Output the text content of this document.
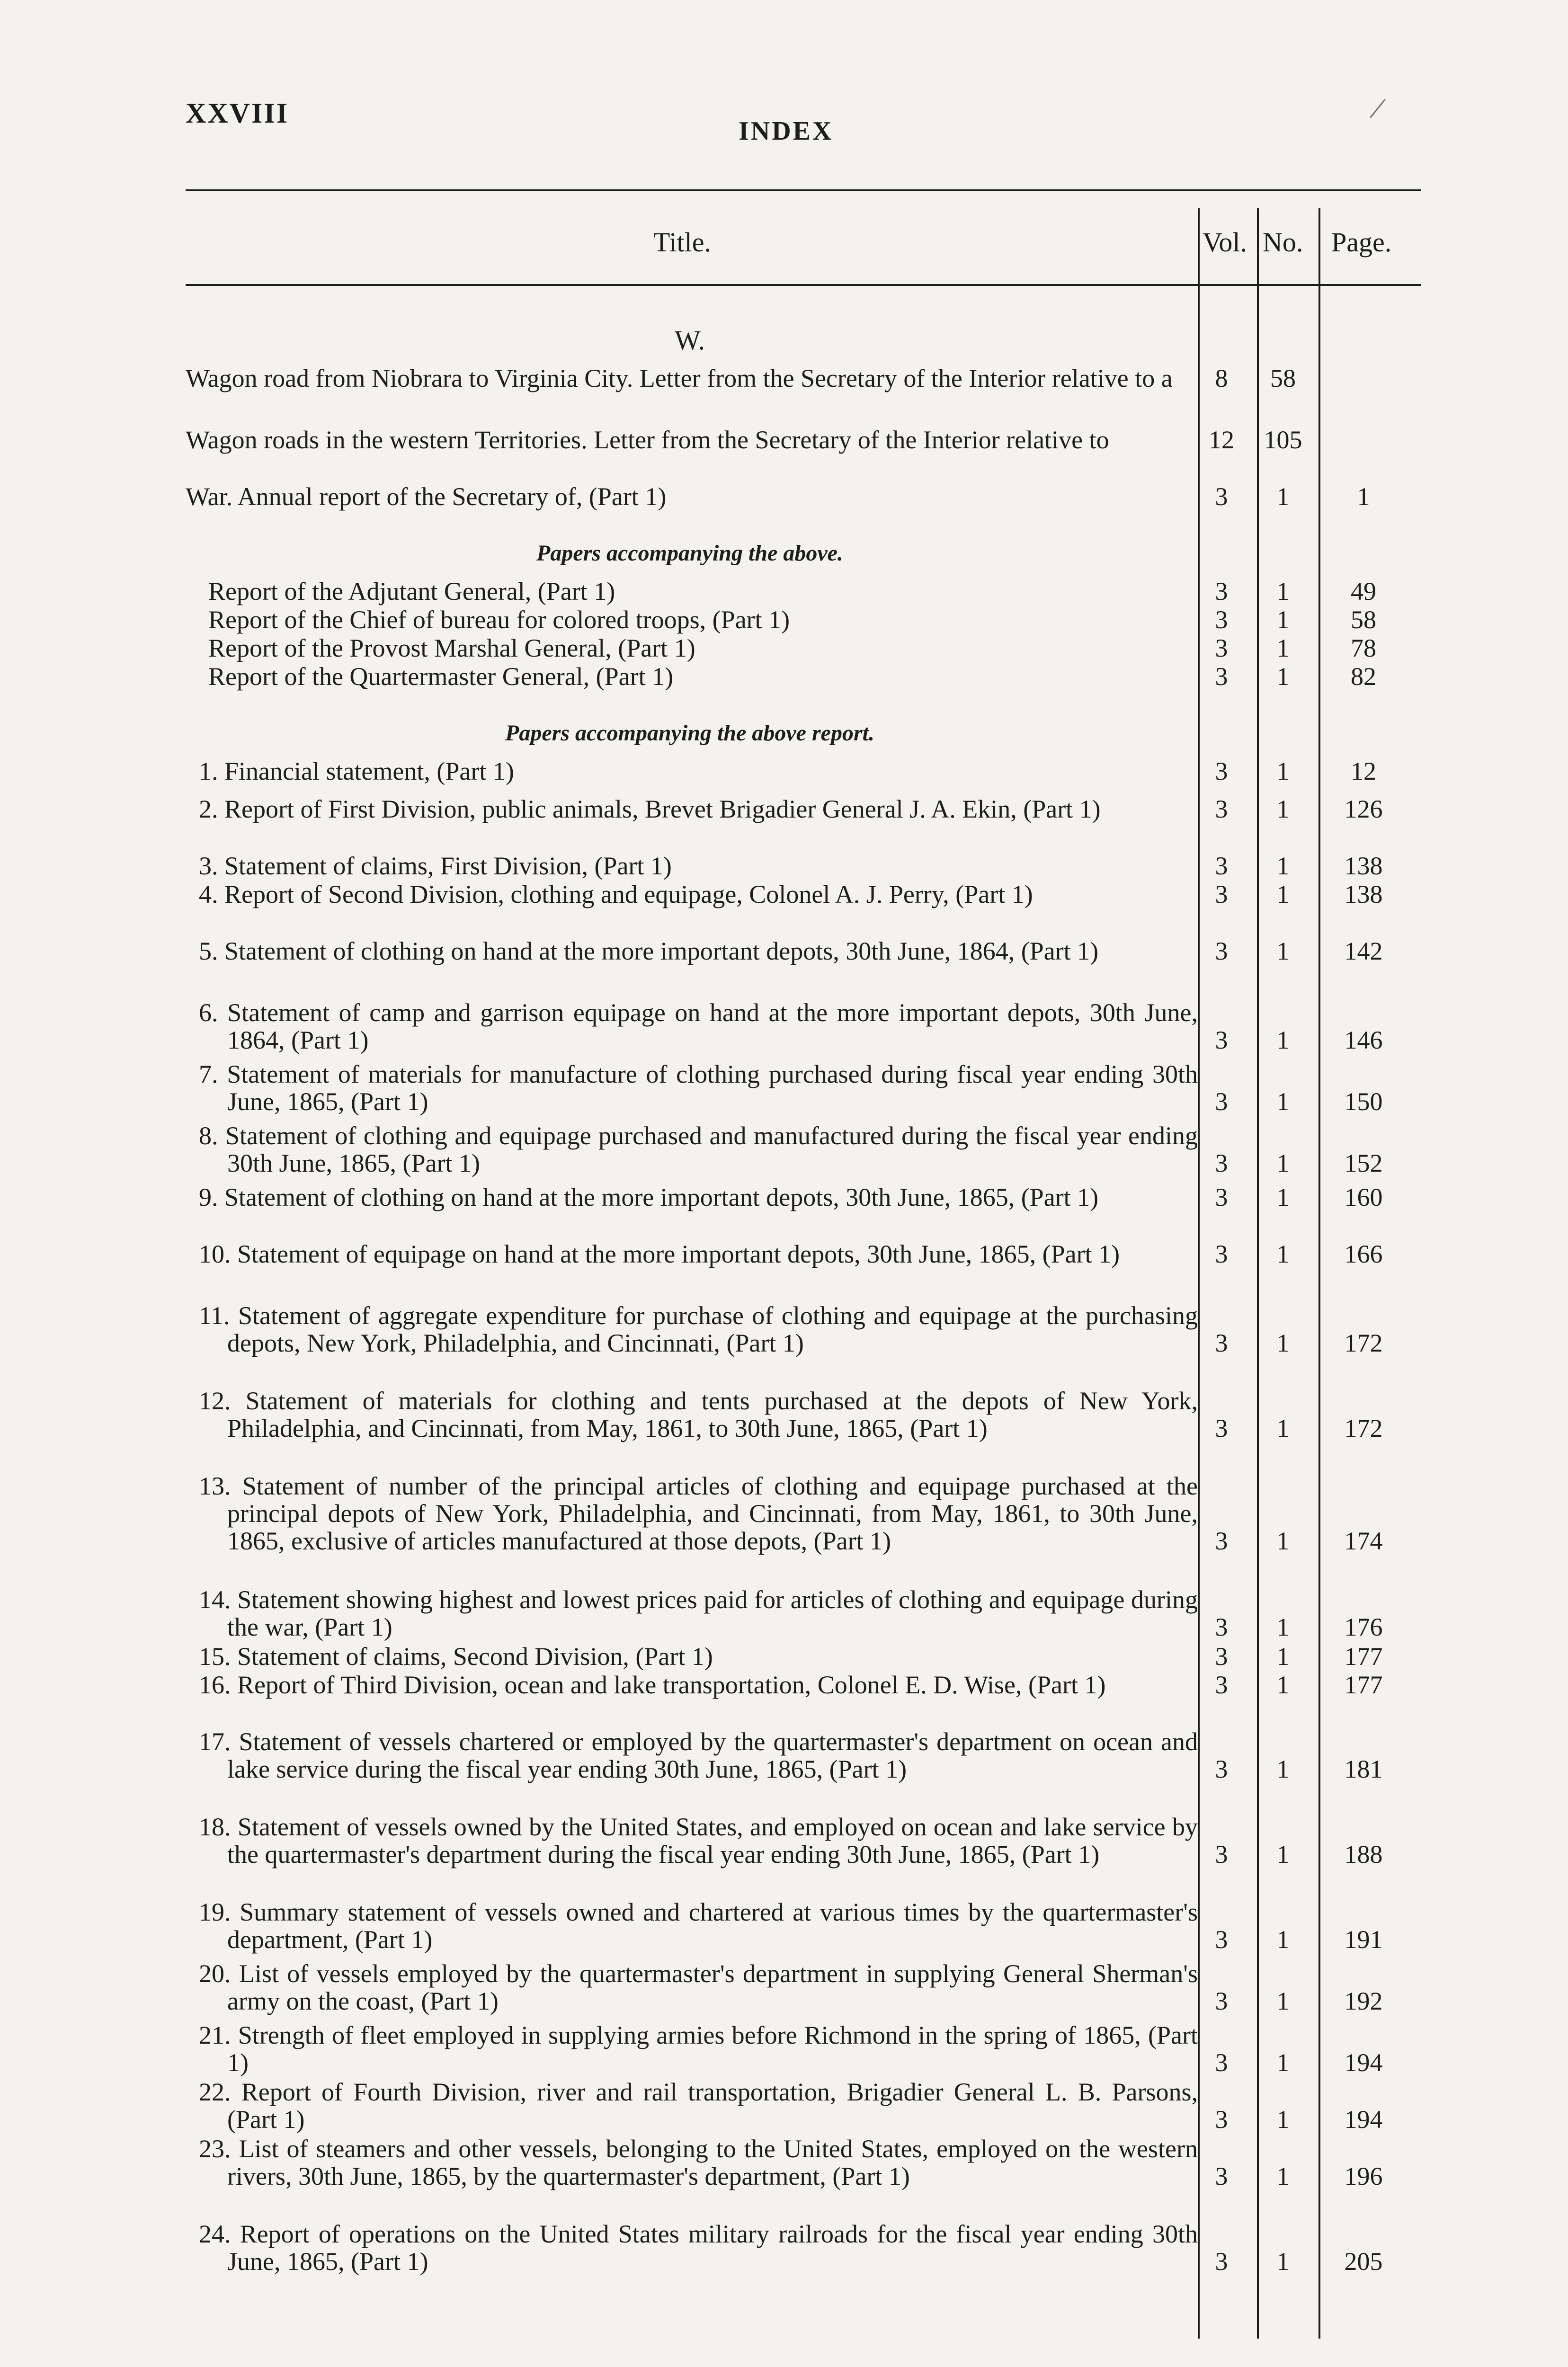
XXVIII
INDEX
/
Title.	Vol. No. Page.
W.
Wagon road from Niobrara to Virginia City. Letter from the Secretary of the Interior relative to a	8	58
Wagon roads in the western Territories. Letter from the Secretary of the Interior relative to	12	105
War. Annual report of the Secretary of, (Part 1)	3	1	1
Papers accompanying the above.
Report of the Adjutant General, (Part 1)	3	1	49
Report of the Chief of bureau for colored troops, (Part 1)	3	1	58
Report of the Provost Marshal General, (Part 1)	3	1	78
Report of the Quartermaster General, (Part 1)	3	1	82
Papers accompanying the above report.
1. Financial statement, (Part 1)	3	1	12
2. Report of First Division, public animals, Brevet Brigadier General J. A. Ekin, (Part 1)	3	1	126
3. Statement of claims, First Division, (Part 1)	3	1	138
4. Report of Second Division, clothing and equipage, Colonel A. J. Perry, (Part 1)	3	1	138
5. Statement of clothing on hand at the more important depots, 30th June, 1864, (Part 1)	3	1	142
6. Statement of camp and garrison equipage on hand at the more important depots, 30th June, 1864, (Part 1)	3	1	146
7. Statement of materials for manufacture of clothing purchased during fiscal year ending 30th June, 1865, (Part 1)	3	1	150
8. Statement of clothing and equipage purchased and manufactured during the fiscal year ending 30th June, 1865, (Part 1)	3	1	152
9. Statement of clothing on hand at the more important depots, 30th June, 1865, (Part 1)	3	1	160
10. Statement of equipage on hand at the more important depots, 30th June, 1865, (Part 1)	3	1	166
11. Statement of aggregate expenditure for purchase of clothing and equipage at the purchasing depots, New York, Philadelphia, and Cincinnati, (Part 1)	3	1	172
12. Statement of materials for clothing and tents purchased at the depots of New York, Philadelphia, and Cincinnati, from May, 1861, to 30th June, 1865, (Part 1)	3	1	172
13. Statement of number of the principal articles of clothing and equipage purchased at the principal depots of New York, Philadelphia, and Cincinnati, from May, 1861, to 30th June, 1865, exclusive of articles manufactured at those depots, (Part 1)	3	1	174
14. Statement showing highest and lowest prices paid for articles of clothing and equipage during the war, (Part 1)	3	1	176
15. Statement of claims, Second Division, (Part 1)	3	1	177
16. Report of Third Division, ocean and lake transportation, Colonel E. D. Wise, (Part 1)	3	1	177
17. Statement of vessels chartered or employed by the quartermaster's department on ocean and lake service during the fiscal year ending 30th June, 1865, (Part 1)	3	1	181
18. Statement of vessels owned by the United States, and employed on ocean and lake service by the quartermaster's department during the fiscal year ending 30th June, 1865, (Part 1)	3	1	188
19. Summary statement of vessels owned and chartered at various times by the quartermaster's department, (Part 1)	3	1	191
20. List of vessels employed by the quartermaster's department in supplying General Sherman's army on the coast, (Part 1)	3	1	192
21. Strength of fleet employed in supplying armies before Richmond in the spring of 1865, (Part 1)	3	1	194
22. Report of Fourth Division, river and rail transportation, Brigadier General L. B. Parsons, (Part 1)	3	1	194
23. List of steamers and other vessels, belonging to the United States, employed on the western rivers, 30th June, 1865, by the quartermaster's department, (Part 1)	3	1	196
24. Report of operations on the United States military railroads for the fiscal year ending 30th June, 1865, (Part 1)	3	1	205
